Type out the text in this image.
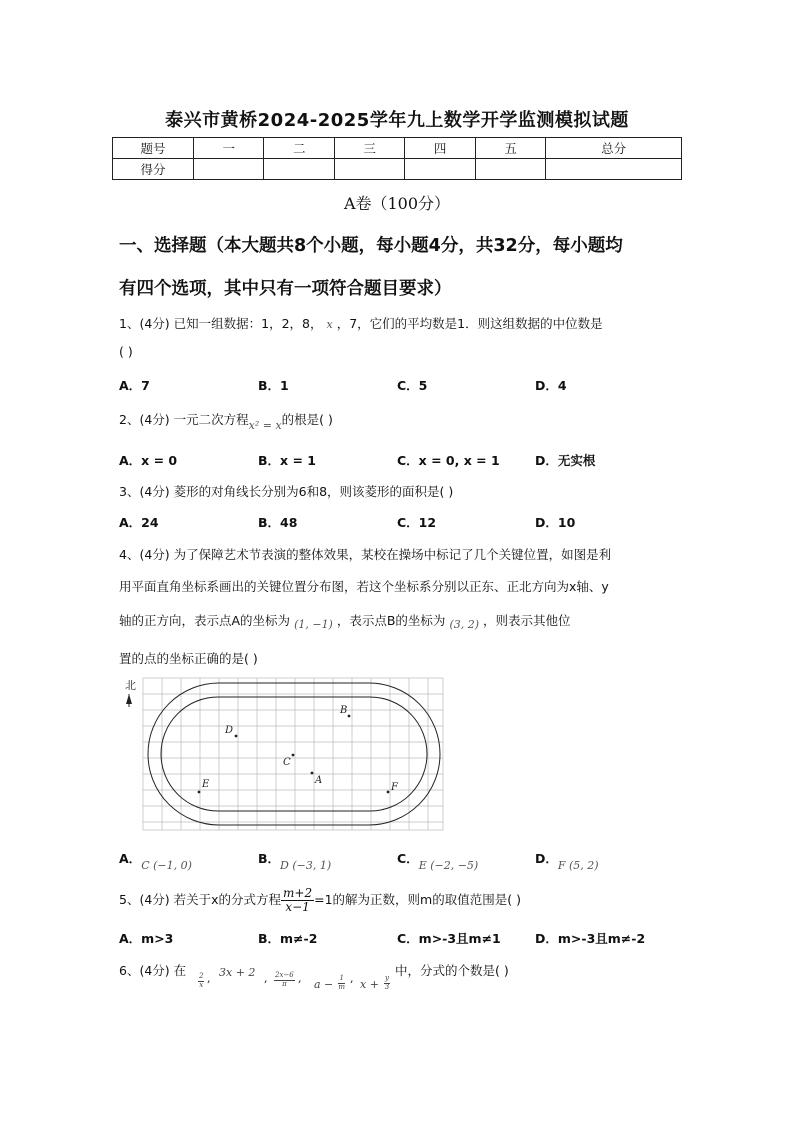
泰兴市黄桥2024-2025学年九上数学开学监测模拟试题
题号	一	二	三	四	五	总分
得分						
A卷（100分）
一、选择题（本大题共8个小题，每小题4分，共32分，每小题均
有四个选项，其中只有一项符合题目要求）
1、(4分) 已知一组数据：1，2，8， x ，7，它们的平均数是1．则这组数据的中位数是
( )
A．7	B．1	C．5	D．4
2、(4分) 一元二次方程x² = x的根是( )
A．x = 0	B．x = 1	C．x = 0, x = 1	D．无实根
3、(4分) 菱形的对角线长分别为6和8，则该菱形的面积是( )
A．24	B．48	C．12	D．10
4、(4分) 为了保障艺术节表演的整体效果，某校在操场中标记了几个关键位置，如图是利
用平面直角坐标系画出的关键位置分布图，若这个坐标系分别以正东、正北方向为x轴、y
轴的正方向，表示点A的坐标为 (1, −1) ，表示点B的坐标为 (3, 2) ，则表示其他位
置的点的坐标正确的是( )
北
B
D
C
A
E	F
A．C (−1, 0)	B．D (−3, 1)	C．E (−2, −5)	D．F (5, 2)
5、(4分) 若关于x的分式方程 $\frac{m+2}{x-1} =1$的解为正数，则m的取值范围是( )
A．m>3	B．m≠-2	C．m>-3且m≠1	D．m>-3且m≠-2
6、(4分) 在
$\frac{2}{x}$ , 3x + 2 , $\frac{2x-6}{\pi}$ , $a - \frac{1}{m}$ , $x + \frac{y}{3}$
中，分式的个数是( )
